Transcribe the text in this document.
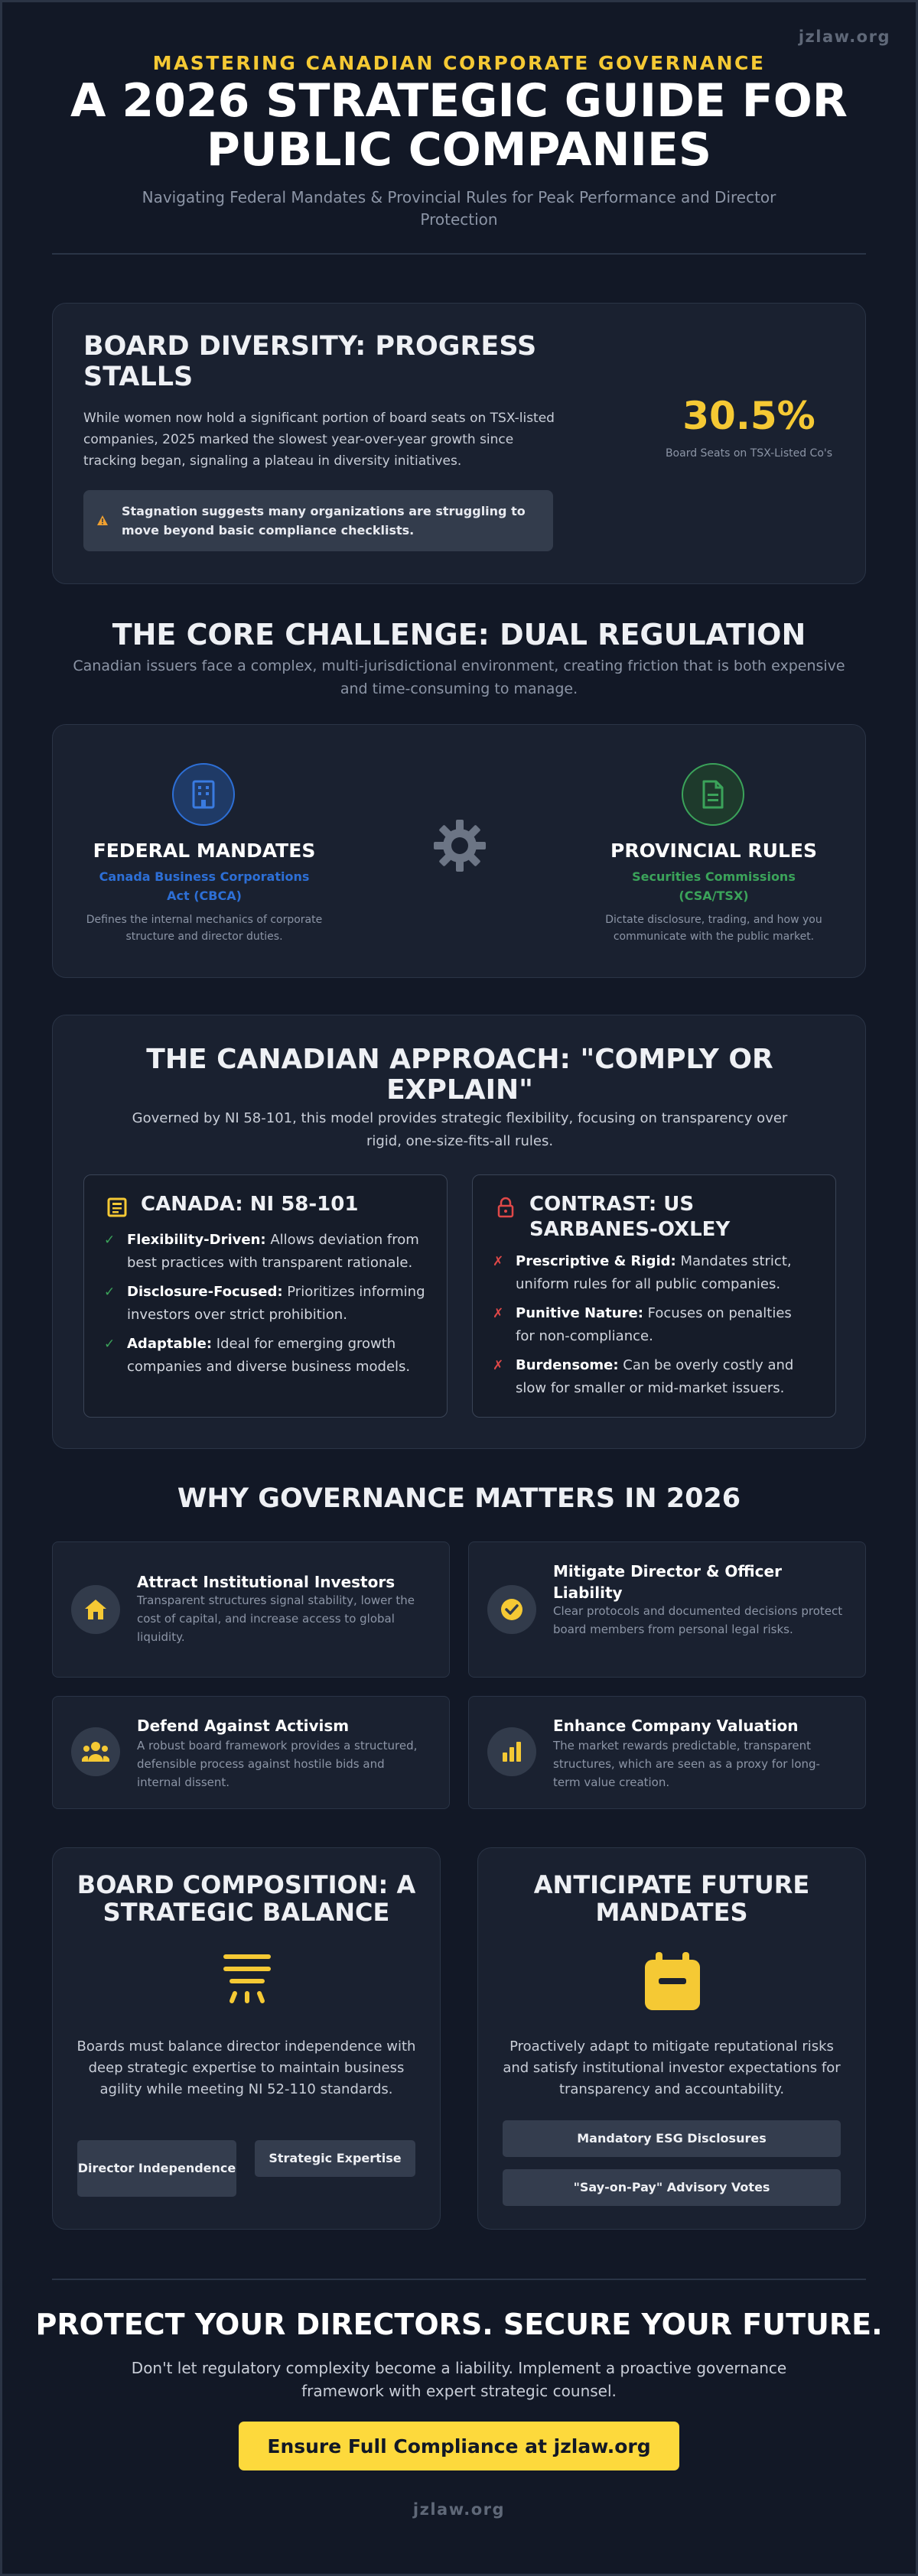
jzlaw.org
MASTERING CANADIAN CORPORATE GOVERNANCE
A 2026 STRATEGIC GUIDE FOR PUBLIC COMPANIES
Navigating Federal Mandates & Provincial Rules for Peak Performance and Director Protection
BOARD DIVERSITY: PROGRESS STALLS
While women now hold a significant portion of board seats on TSX-listed companies, 2025 marked the slowest year-over-year growth since tracking began, signaling a plateau in diversity initiatives.
Stagnation suggests many organizations are struggling to move beyond basic compliance checklists.
30.5%
Board Seats on TSX-Listed Co's
THE CORE CHALLENGE: DUAL REGULATION
Canadian issuers face a complex, multi-jurisdictional environment, creating friction that is both expensive and time-consuming to manage.
FEDERAL MANDATES
Canada Business Corporations Act (CBCA)
Defines the internal mechanics of corporate structure and director duties.
PROVINCIAL RULES
Securities Commissions (CSA/TSX)
Dictate disclosure, trading, and how you communicate with the public market.
THE CANADIAN APPROACH: "COMPLY OR EXPLAIN"
Governed by NI 58-101, this model provides strategic flexibility, focusing on transparency over rigid, one-size-fits-all rules.
CANADA: NI 58-101
✓ Flexibility-Driven: Allows deviation from best practices with transparent rationale.
✓ Disclosure-Focused: Prioritizes informing investors over strict prohibition.
✓ Adaptable: Ideal for emerging growth companies and diverse business models.
CONTRAST: US SARBANES-OXLEY
✗ Prescriptive & Rigid: Mandates strict, uniform rules for all public companies.
✗ Punitive Nature: Focuses on penalties for non-compliance.
✗ Burdensome: Can be overly costly and slow for smaller or mid-market issuers.
WHY GOVERNANCE MATTERS IN 2026
Attract Institutional Investors
Transparent structures signal stability, lower the cost of capital, and increase access to global liquidity.
Mitigate Director & Officer Liability
Clear protocols and documented decisions protect board members from personal legal risks.
Defend Against Activism
A robust board framework provides a structured, defensible process against hostile bids and internal dissent.
Enhance Company Valuation
The market rewards predictable, transparent structures, which are seen as a proxy for long-term value creation.
BOARD COMPOSITION: A STRATEGIC BALANCE
Boards must balance director independence with deep strategic expertise to maintain business agility while meeting NI 52-110 standards.
Director Independence
Strategic Expertise
ANTICIPATE FUTURE MANDATES
Proactively adapt to mitigate reputational risks and satisfy institutional investor expectations for transparency and accountability.
Mandatory ESG Disclosures
"Say-on-Pay" Advisory Votes
PROTECT YOUR DIRECTORS. SECURE YOUR FUTURE.
Don't let regulatory complexity become a liability. Implement a proactive governance framework with expert strategic counsel.
Ensure Full Compliance at jzlaw.org
jzlaw.org
